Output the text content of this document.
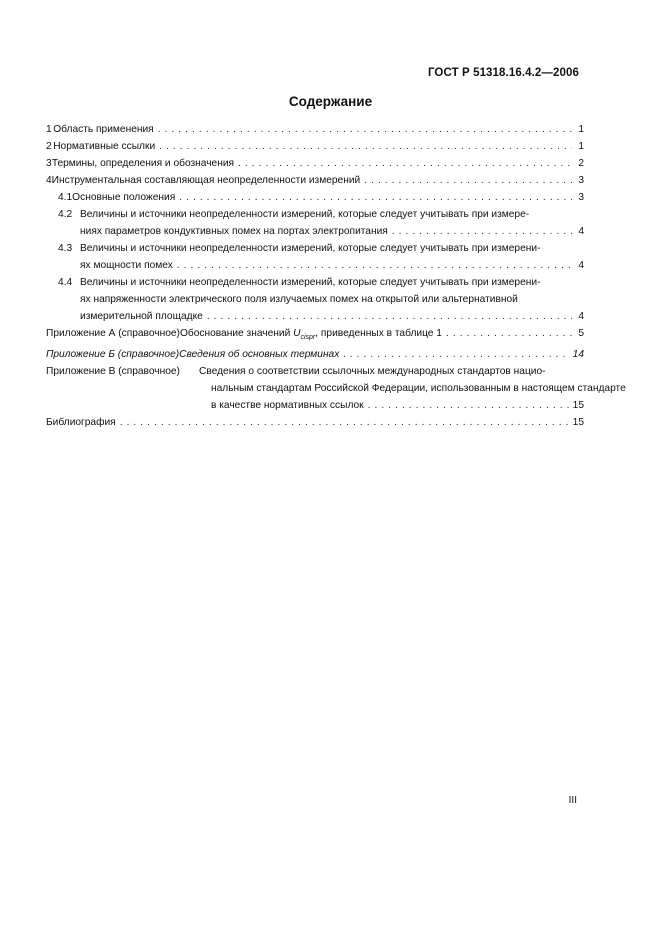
ГОСТ Р 51318.16.4.2—2006
Содержание
1 Область применения . . .	1
2 Нормативные ссылки . . .	1
3 Термины, определения и обозначения . . .	2
4 Инструментальная составляющая неопределенности измерений . . .	3
4.1 Основные положения . . .	3
4.2 Величины и источники неопределенности измерений, которые следует учитывать при измере-
ниях параметров кондуктивных помех на портах электропитания . . .	4
4.3 Величины и источники неопределенности измерений, которые следует учитывать при измерени-
ях мощности помех . . .	4
4.4 Величины и источники неопределенности измерений, которые следует учитывать при измерени-
ях напряженности электрического поля излучаемых помех на открытой или альтернативной
измерительной площадке . . .	4
Приложение А (справочное) Обоснование значений $U_{cispr}$, приведенных в таблице 1 . . .	5
Приложение Б (справочное) Сведения об основных терминах . . .	14
Приложение В (справочное)	Сведения о соответствии ссылочных международных стандартов нацио-
нальным стандартам Российской Федерации, использованным в настоящем стандарте
в качестве нормативных ссылок . . .	15
Библиография . . .	15
III
